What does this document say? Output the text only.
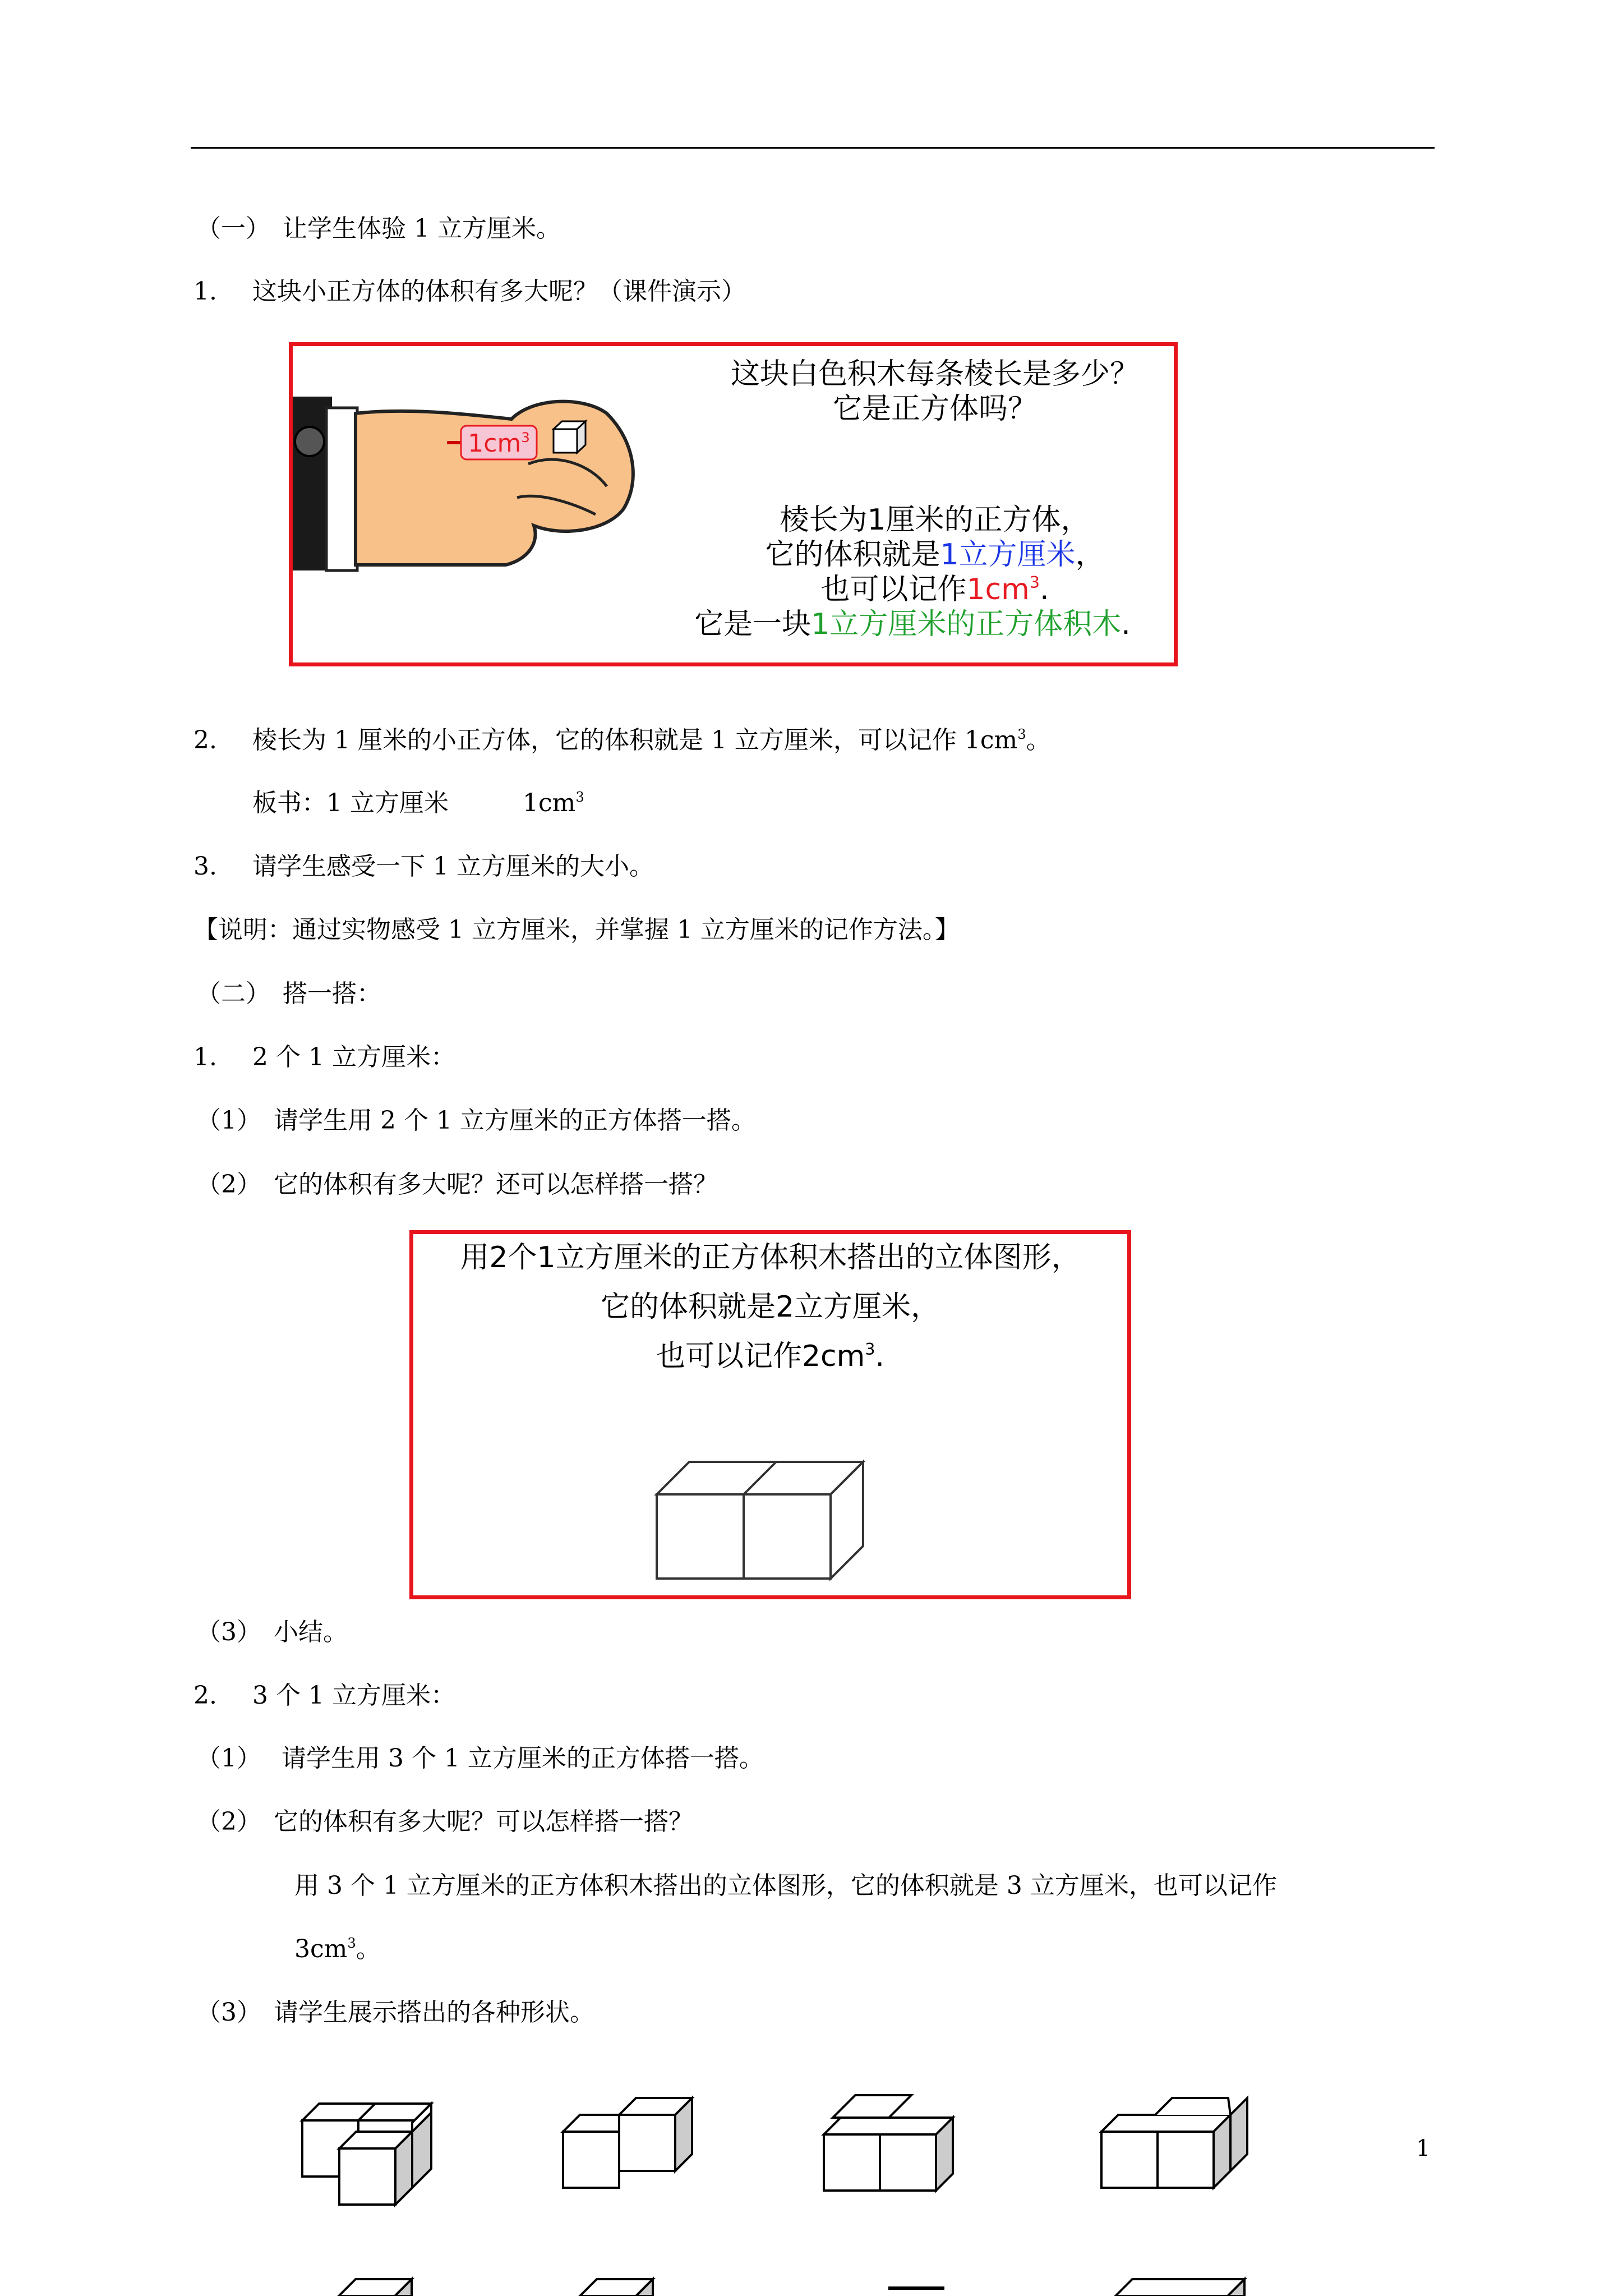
（一）　让学生体验 1 立方厘米。
1. 这块小正方体的体积有多大呢？（课件演示）
$1cm^3$
这块白色积木每条棱长是多少？
它是正方体吗？
棱长为1厘米的正方体，
它的体积就是1立方厘米，
也可以记作$1cm^3$.
它是一块1立方厘米的正方体积木.
2. 棱长为 1 厘米的小正方体，它的体积就是 1 立方厘米，可以记作 $1cm^3$。
板书：1 立方厘米　　　$1cm^3$
3. 请学生感受一下 1 立方厘米的大小。
【说明：通过实物感受 1 立方厘米，并掌握 1 立方厘米的记作方法。】
（二）　搭一搭：
1. 2 个 1 立方厘米：
（1）　请学生用 2 个 1 立方厘米的正方体搭一搭。
（2）　它的体积有多大呢？还可以怎样搭一搭？
用2个1立方厘米的正方体积木搭出的立体图形，
它的体积就是2立方厘米，
也可以记作$2cm^3$.
（3）　小结。
2. 3 个 1 立方厘米：
（1）　 请学生用 3 个 1 立方厘米的正方体搭一搭。
（2）　它的体积有多大呢？可以怎样搭一搭？
用 3 个 1 立方厘米的正方体积木搭出的立体图形，它的体积就是 3 立方厘米，也可以记作
$3cm^3$。
（3）　请学生展示搭出的各种形状。
1
